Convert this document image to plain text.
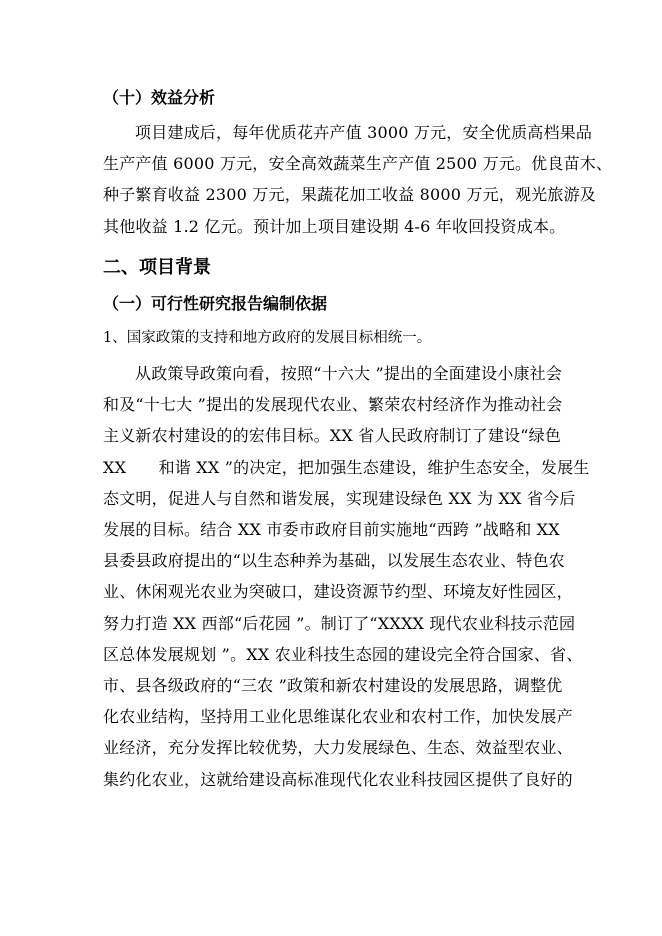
（十）效益分析
项目建成后，每年优质花卉产值 3000 万元，安全优质高档果品
生产产值 6000 万元，安全高效蔬菜生产产值 2500 万元。优良苗木、
种子繁育收益 2300 万元，果蔬花加工收益 8000 万元，观光旅游及
其他收益 1.2 亿元。预计加上项目建设期 4-6 年收回投资成本。
二、项目背景
（一）可行性研究报告编制依据
1、国家政策的支持和地方政府的发展目标相统一。
从政策导政策向看，按照“十六大 ”提出的全面建设小康社会
和及“十七大 ”提出的发展现代农业、繁荣农村经济作为推动社会
主义新农村建设的的宏伟目标。XX 省人民政府制订了建设“绿色
XX　　和谐 XX ”的决定，把加强生态建设，维护生态安全，发展生
态文明，促进人与自然和谐发展，实现建设绿色 XX 为 XX 省今后
发展的目标。结合 XX 市委市政府目前实施地“西跨 ”战略和 XX
县委县政府提出的“以生态种养为基础，以发展生态农业、特色农
业、休闲观光农业为突破口，建设资源节约型、环境友好性园区，
努力打造 XX 西部“后花园 ”。制订了“XXXX 现代农业科技示范园
区总体发展规划 ”。XX 农业科技生态园的建设完全符合国家、省、
市、县各级政府的“三农 ”政策和新农村建设的发展思路，调整优
化农业结构，坚持用工业化思维谋化农业和农村工作，加快发展产
业经济，充分发挥比较优势，大力发展绿色、生态、效益型农业、
集约化农业，这就给建设高标准现代化农业科技园区提供了良好的
